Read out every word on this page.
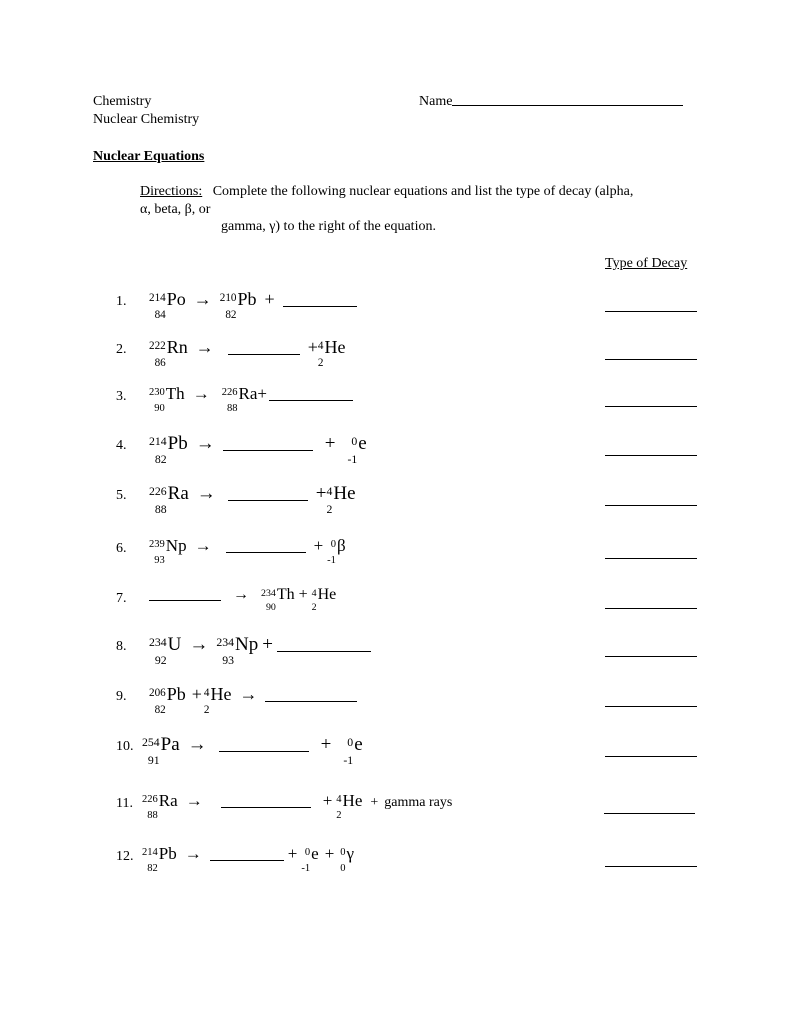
Chemistry
Nuclear Chemistry
Name
Nuclear Equations
Directions: Complete the following nuclear equations and list the type of decay (alpha,
α, beta, β, or
gamma, γ) to the right of the equation.
Type of Decay
1. 214
84
Po → 210
82
Pb +
2. 222
86
Rn →	+ 4
2
He
3. 230
90
Th → 226
88
Ra+
4. 214
82
Pb →	+ 0
-1
e
5. 226
88
Ra →	+ 4
2
He
6. 239
93
Np →	+ 0
-1
β
7.	→ 234
90
Th + 4
2
He
8. 234
92
U → 234
93
Np +
9. 206
82
Pb + 4
2
He →
10. 254
91
Pa →	+ 0
-1
e
11. 226
88
Ra →	+ 4
2
He + gamma rays
12. 214
82
Pb →	+ 0
-1
e + 0
0
γ
